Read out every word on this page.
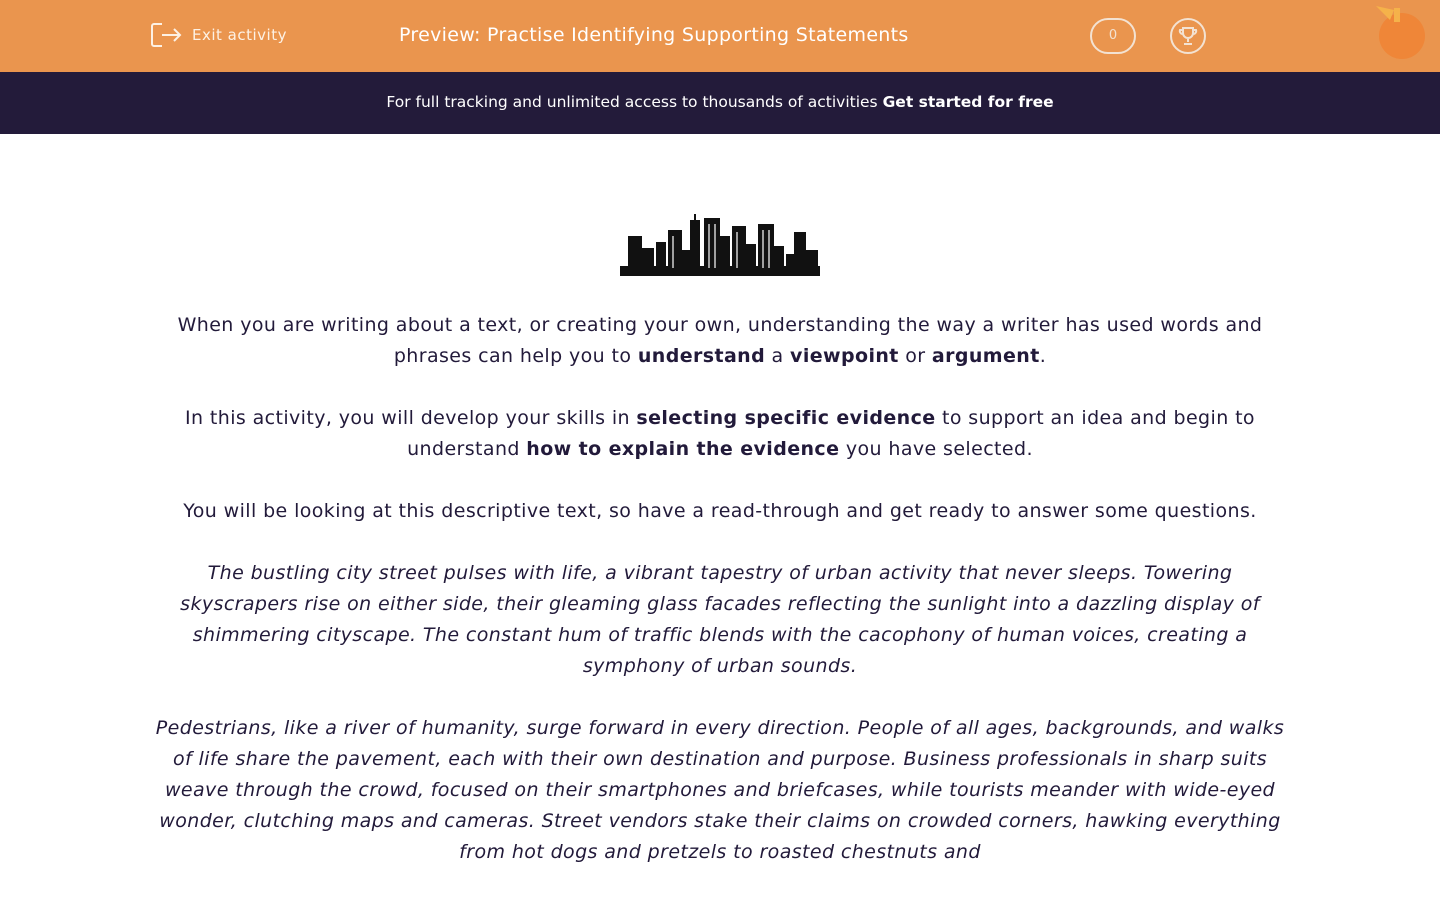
Exit activity	Preview: Practise Identifying Supporting Statements	0
For full tracking and unlimited access to thousands of activities Get started for free

When you are writing about a text, or creating your own, understanding the way a writer has used words and phrases can help you to understand a viewpoint or argument.

In this activity, you will develop your skills in selecting specific evidence to support an idea and begin to understand how to explain the evidence you have selected.

You will be looking at this descriptive text, so have a read-through and get ready to answer some questions.

The bustling city street pulses with life, a vibrant tapestry of urban activity that never sleeps. Towering skyscrapers rise on either side, their gleaming glass facades reflecting the sunlight into a dazzling display of shimmering cityscape. The constant hum of traffic blends with the cacophony of human voices, creating a symphony of urban sounds.

Pedestrians, like a river of humanity, surge forward in every direction. People of all ages, backgrounds, and walks of life share the pavement, each with their own destination and purpose. Business professionals in sharp suits weave through the crowd, focused on their smartphones and briefcases, while tourists meander with wide-eyed wonder, clutching maps and cameras. Street vendors stake their claims on crowded corners, hawking everything from hot dogs and pretzels to roasted chestnuts and
